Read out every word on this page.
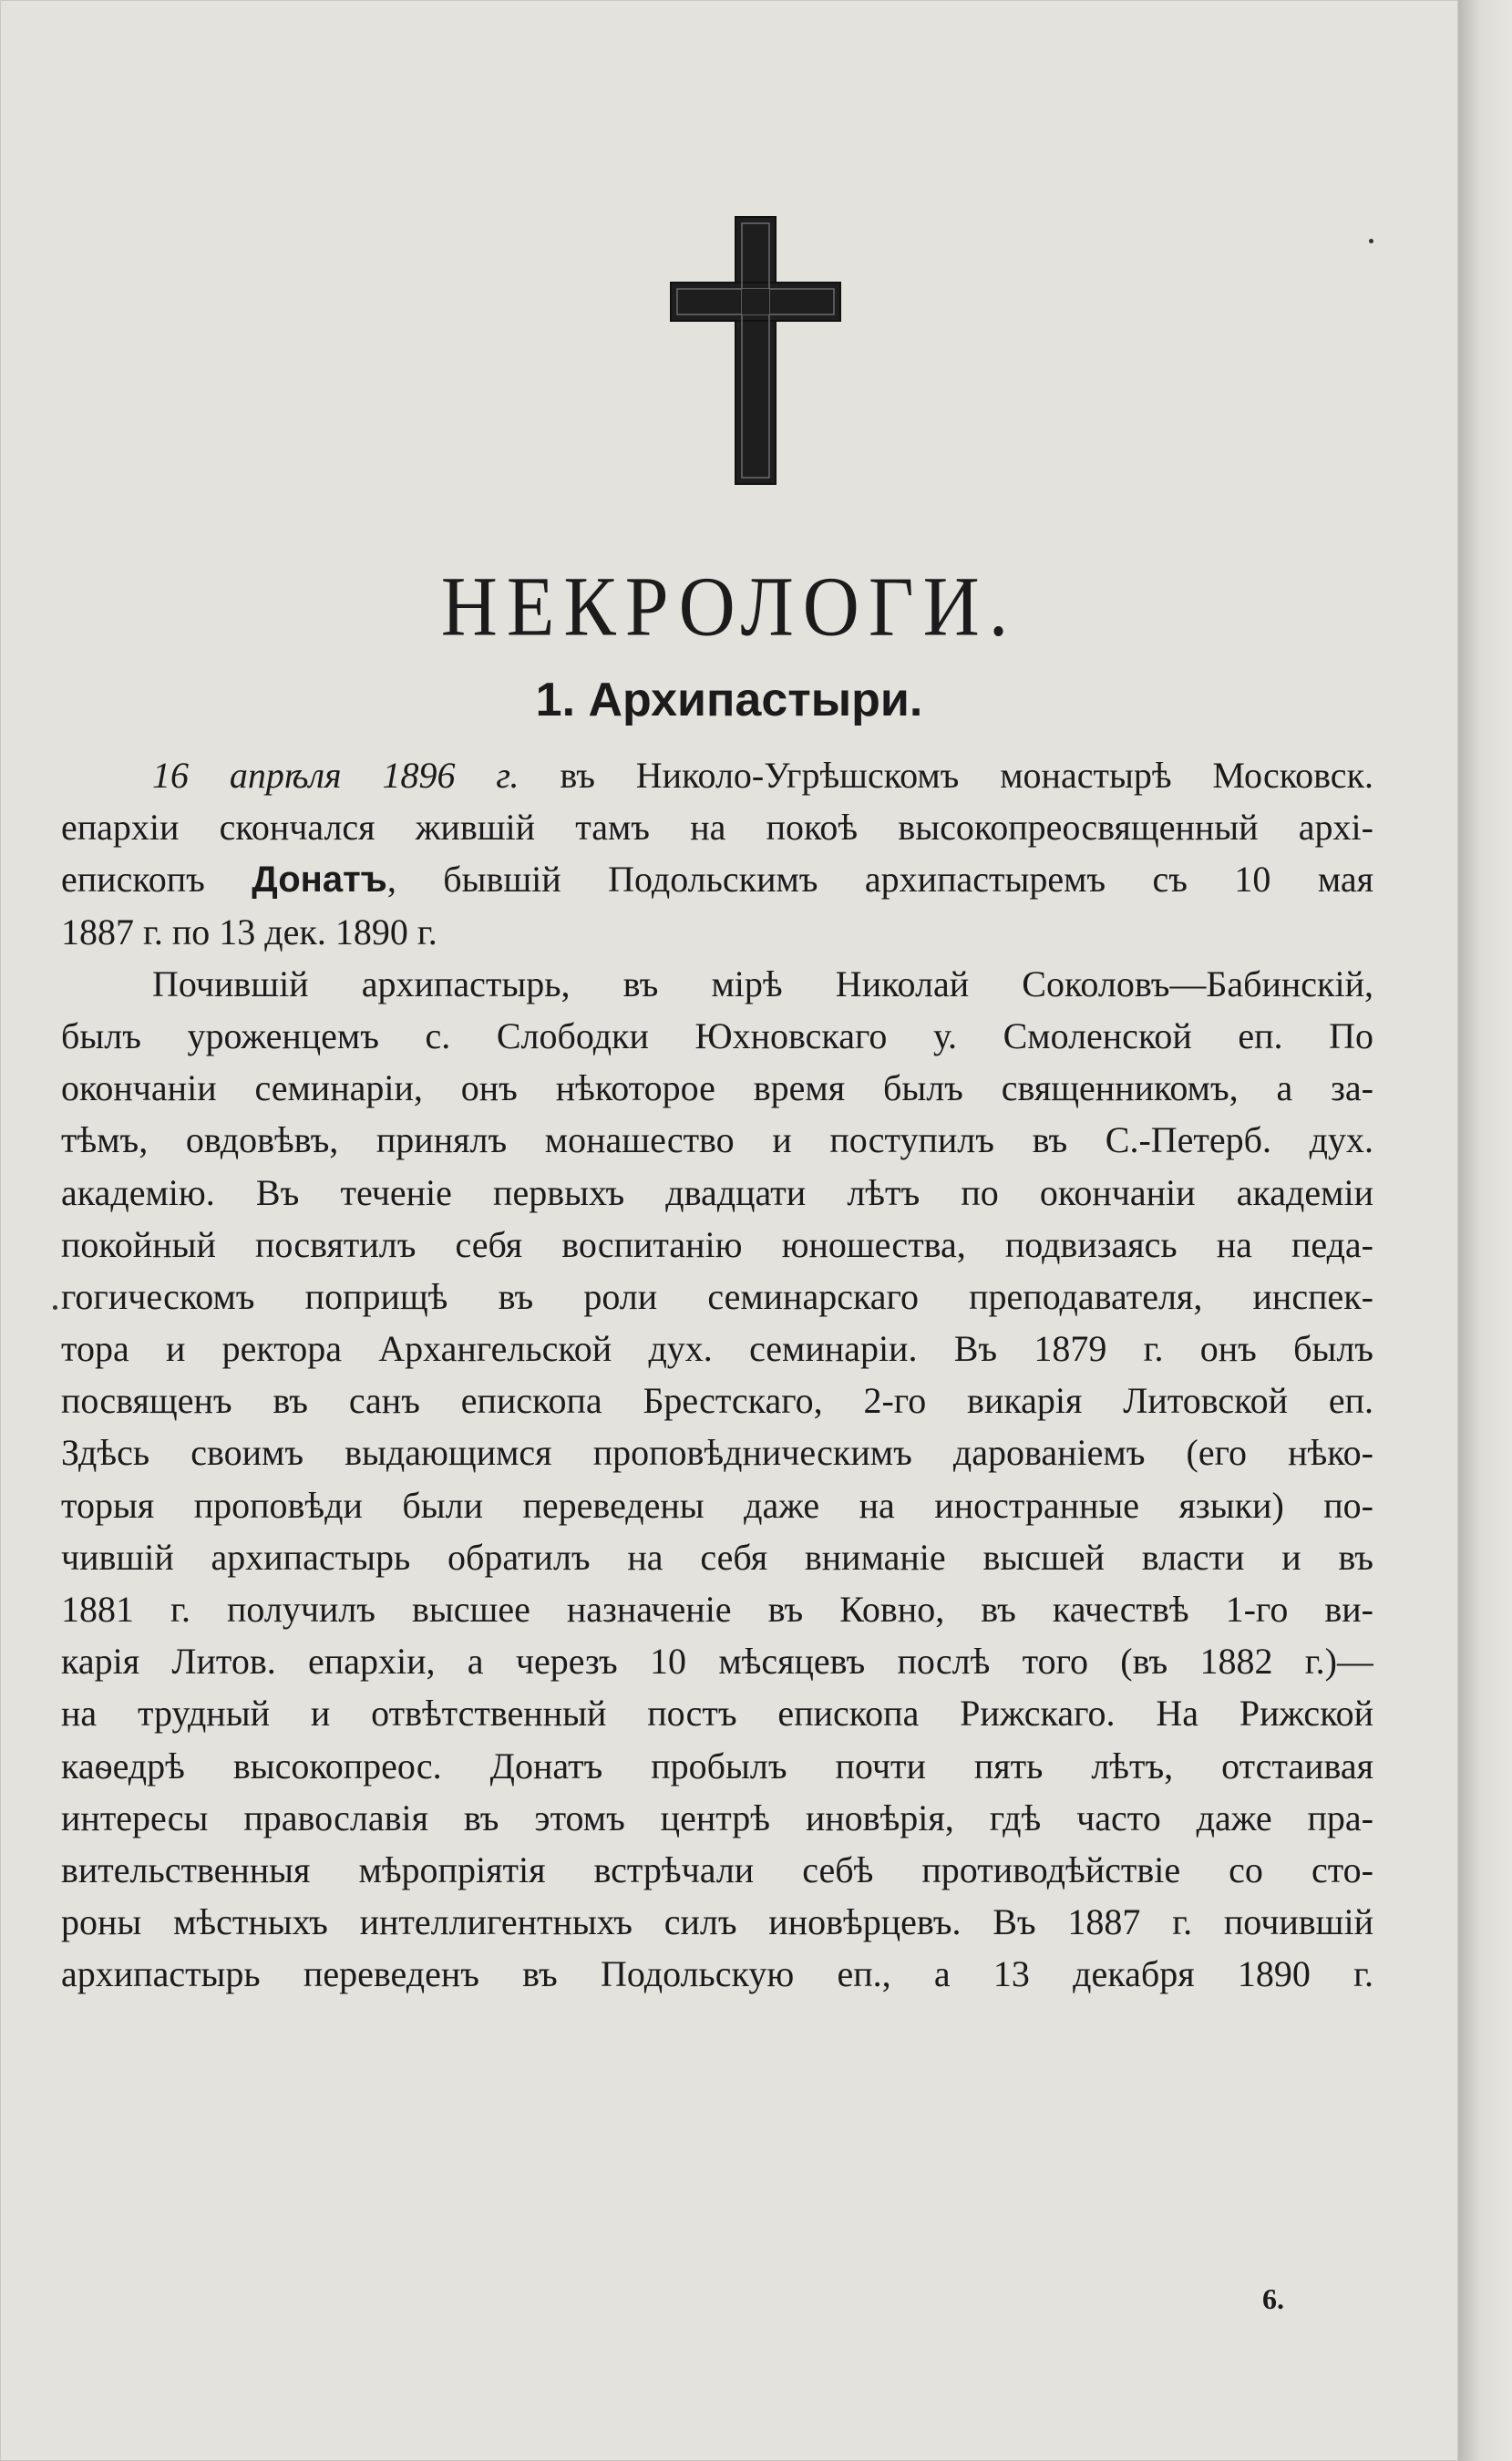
НЕКРОЛОГИ.
1. Архипастыри.
16 апрѣля 1896 г. въ Николо-Угрѣшскомъ монастырѣ Московск.
епархіи скончался жившій тамъ на покоѣ высокопреосвященный архі-
епископъ Донатъ, бывшій Подольскимъ архипастыремъ съ 10 мая
1887 г. по 13 дек. 1890 г.
Почившій архипастырь, въ мірѣ Николай Соколовъ—Бабинскій,
былъ уроженцемъ с. Слободки Юхновскаго у. Смоленской еп. По
окончаніи семинаріи, онъ нѣкоторое время былъ священникомъ, а за-
тѣмъ, овдовѣвъ, принялъ монашество и поступилъ въ С.-Петерб. дух.
академію. Въ теченіе первыхъ двадцати лѣтъ по окончаніи академіи
покойный посвятилъ себя воспитанію юношества, подвизаясь на педа-
гогическомъ поприщѣ въ роли семинарскаго преподавателя, инспек-
тора и ректора Архангельской дух. семинаріи. Въ 1879 г. онъ былъ
посвященъ въ санъ епископа Брестскаго, 2-го викарія Литовской еп.
Здѣсь своимъ выдающимся проповѣдническимъ дарованіемъ (его нѣко-
торыя проповѣди были переведены даже на иностранные языки) по-
чившій архипастырь обратилъ на себя вниманіе высшей власти и въ
1881 г. получилъ высшее назначеніе въ Ковно, въ качествѣ 1-го ви-
карія Литов. епархіи, а черезъ 10 мѣсяцевъ послѣ того (въ 1882 г.)—
на трудный и отвѣтственный постъ епископа Рижскаго. На Рижской
каѳедрѣ высокопреос. Донатъ пробылъ почти пять лѣтъ, отстаивая
интересы православія въ этомъ центрѣ иновѣрія, гдѣ часто даже пра-
вительственныя мѣропріятія встрѣчали себѣ противодѣйствіе со сто-
роны мѣстныхъ интеллигентныхъ силъ иновѣрцевъ. Въ 1887 г. почившій
архипастырь переведенъ въ Подольскую еп., а 13 декабря 1890 г.
6.
